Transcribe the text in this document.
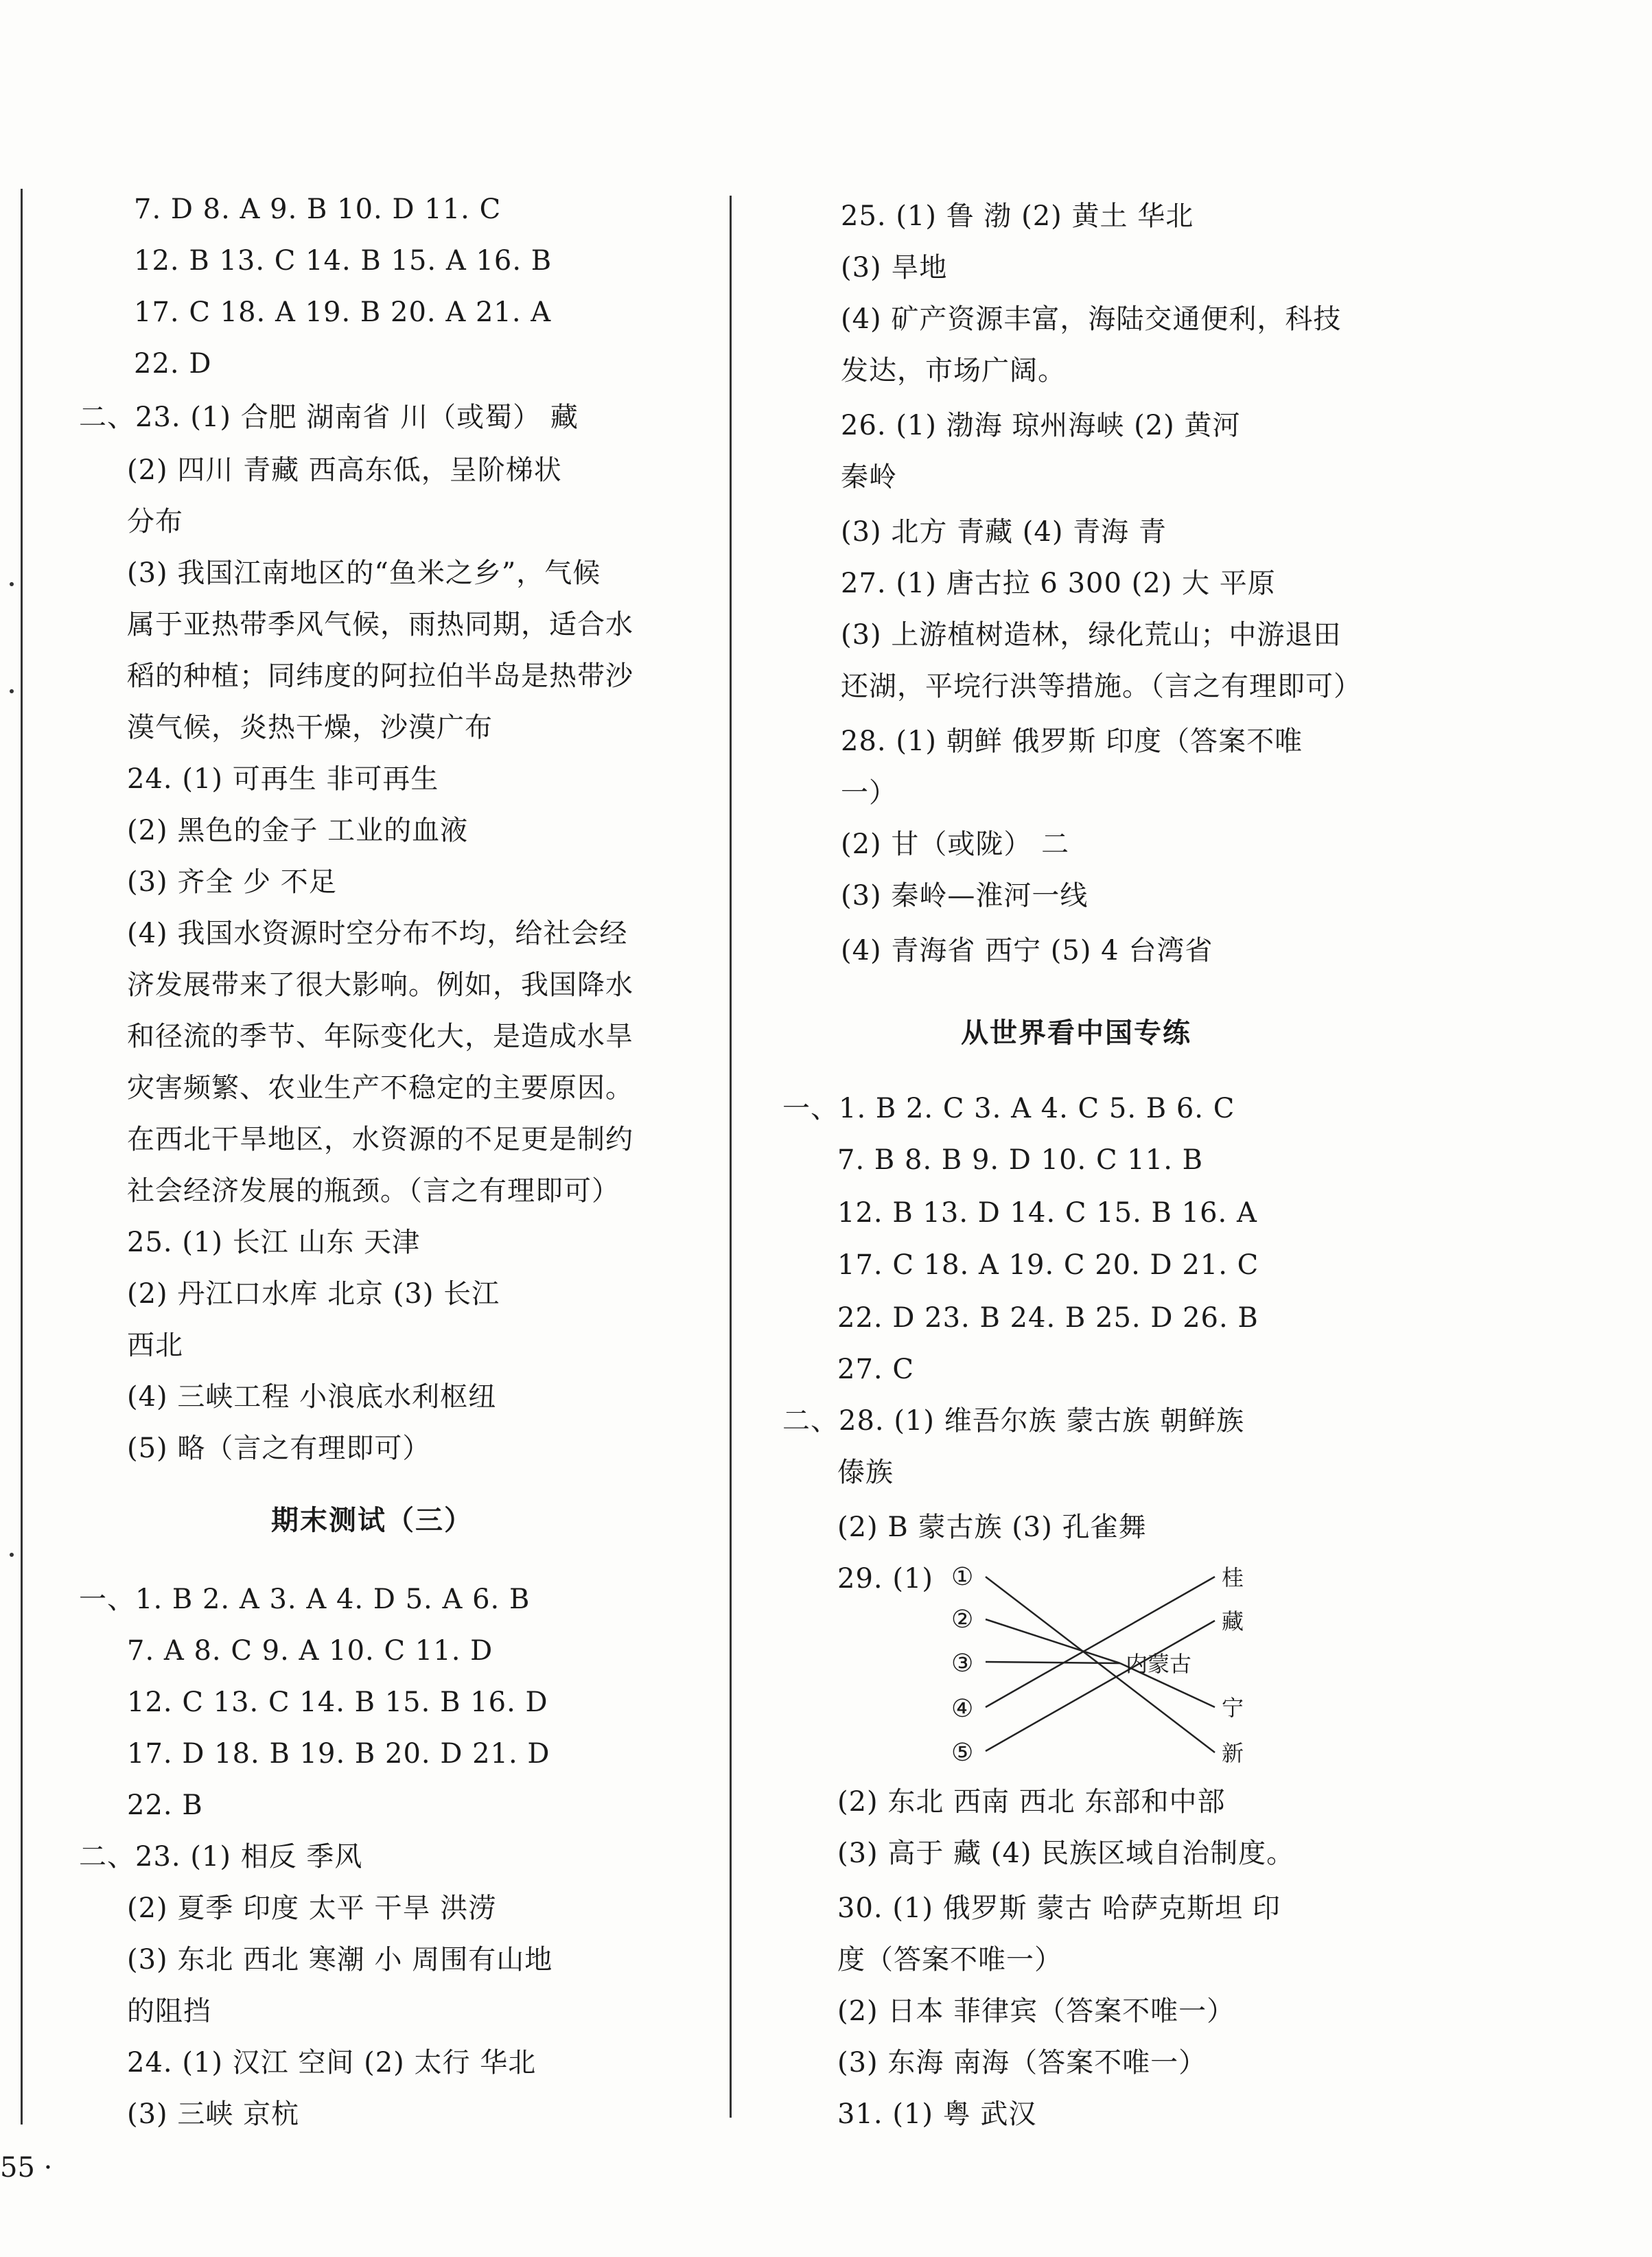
7. D 8. A 9. B 10. D 11. C
12. B 13. C 14. B 15. A 16. B
17. C 18. A 19. B 20. A 21. A
22. D
二、23. (1) 合肥 湖南省 川（或蜀） 藏
(2) 四川 青藏 西高东低，呈阶梯状
分布
(3) 我国江南地区的“鱼米之乡”，气候
属于亚热带季风气候，雨热同期，适合水
稻的种植；同纬度的阿拉伯半岛是热带沙
漠气候，炎热干燥，沙漠广布
24. (1) 可再生 非可再生
(2) 黑色的金子 工业的血液
(3) 齐全 少 不足
(4) 我国水资源时空分布不均，给社会经
济发展带来了很大影响。例如，我国降水
和径流的季节、年际变化大，是造成水旱
灾害频繁、农业生产不稳定的主要原因。
在西北干旱地区，水资源的不足更是制约
社会经济发展的瓶颈。（言之有理即可）
25. (1) 长江 山东 天津
(2) 丹江口水库 北京 (3) 长江
西北
(4) 三峡工程 小浪底水利枢纽
(5) 略（言之有理即可）
期末测试（三）
一、1. B 2. A 3. A 4. D 5. A 6. B
7. A 8. C 9. A 10. C 11. D
12. C 13. C 14. B 15. B 16. D
17. D 18. B 19. B 20. D 21. D
22. B
二、23. (1) 相反 季风
(2) 夏季 印度 太平 干旱 洪涝
(3) 东北 西北 寒潮 小 周围有山地
的阻挡
24. (1) 汉江 空间 (2) 太行 华北
(3) 三峡 京杭
25. (1) 鲁 渤 (2) 黄土 华北
(3) 旱地
(4) 矿产资源丰富，海陆交通便利，科技
发达，市场广阔。
26. (1) 渤海 琼州海峡 (2) 黄河
秦岭
(3) 北方 青藏 (4) 青海 青
27. (1) 唐古拉 6 300 (2) 大 平原
(3) 上游植树造林，绿化荒山；中游退田
还湖，平垸行洪等措施。（言之有理即可）
28. (1) 朝鲜 俄罗斯 印度（答案不唯
一）
(2) 甘（或陇） 二
(3) 秦岭—淮河一线
(4) 青海省 西宁 (5) 4 台湾省
从世界看中国专练
一、1. B 2. C 3. A 4. C 5. B 6. C
7. B 8. B 9. D 10. C 11. B
12. B 13. D 14. C 15. B 16. A
17. C 18. A 19. C 20. D 21. C
22. D 23. B 24. B 25. D 26. B
27. C
二、28. (1) 维吾尔族 蒙古族 朝鲜族
傣族
(2) B 蒙古族 (3) 孔雀舞
29. (1) ①
②
③
④
⑤
桂
藏
内蒙古
宁
新
(2) 东北 西南 西北 东部和中部
(3) 高于 藏 (4) 民族区域自治制度。
30. (1) 俄罗斯 蒙古 哈萨克斯坦 印
度（答案不唯一）
(2) 日本 菲律宾（答案不唯一）
(3) 东海 南海（答案不唯一）
31. (1) 粤 武汉
55 ·
